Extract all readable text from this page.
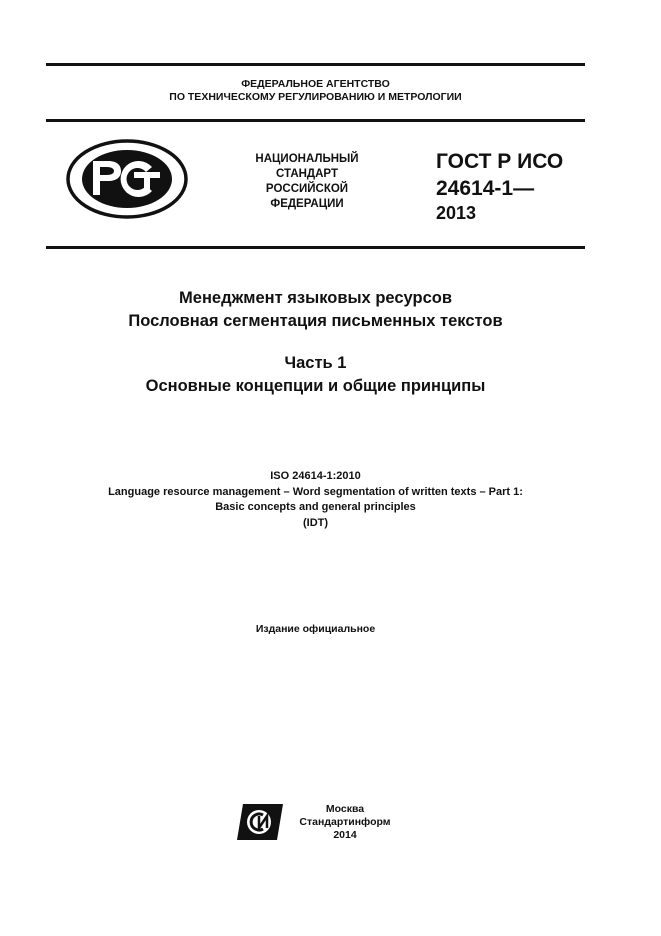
ФЕДЕРАЛЬНОЕ АГЕНТСТВО
ПО ТЕХНИЧЕСКОМУ РЕГУЛИРОВАНИЮ И МЕТРОЛОГИИ
НАЦИОНАЛЬНЫЙ
СТАНДАРТ
РОССИЙСКОЙ
ФЕДЕРАЦИИ
ГОСТ Р ИСО
24614-1—
2013
Менеджмент языковых ресурсов
Пословная сегментация письменных текстов
Часть 1
Основные концепции и общие принципы
ISO 24614-1:2010
Language resource management – Word segmentation of written texts – Part 1:
Basic concepts and general principles
(IDT)
Издание официальное
Москва
Стандартинформ
2014
